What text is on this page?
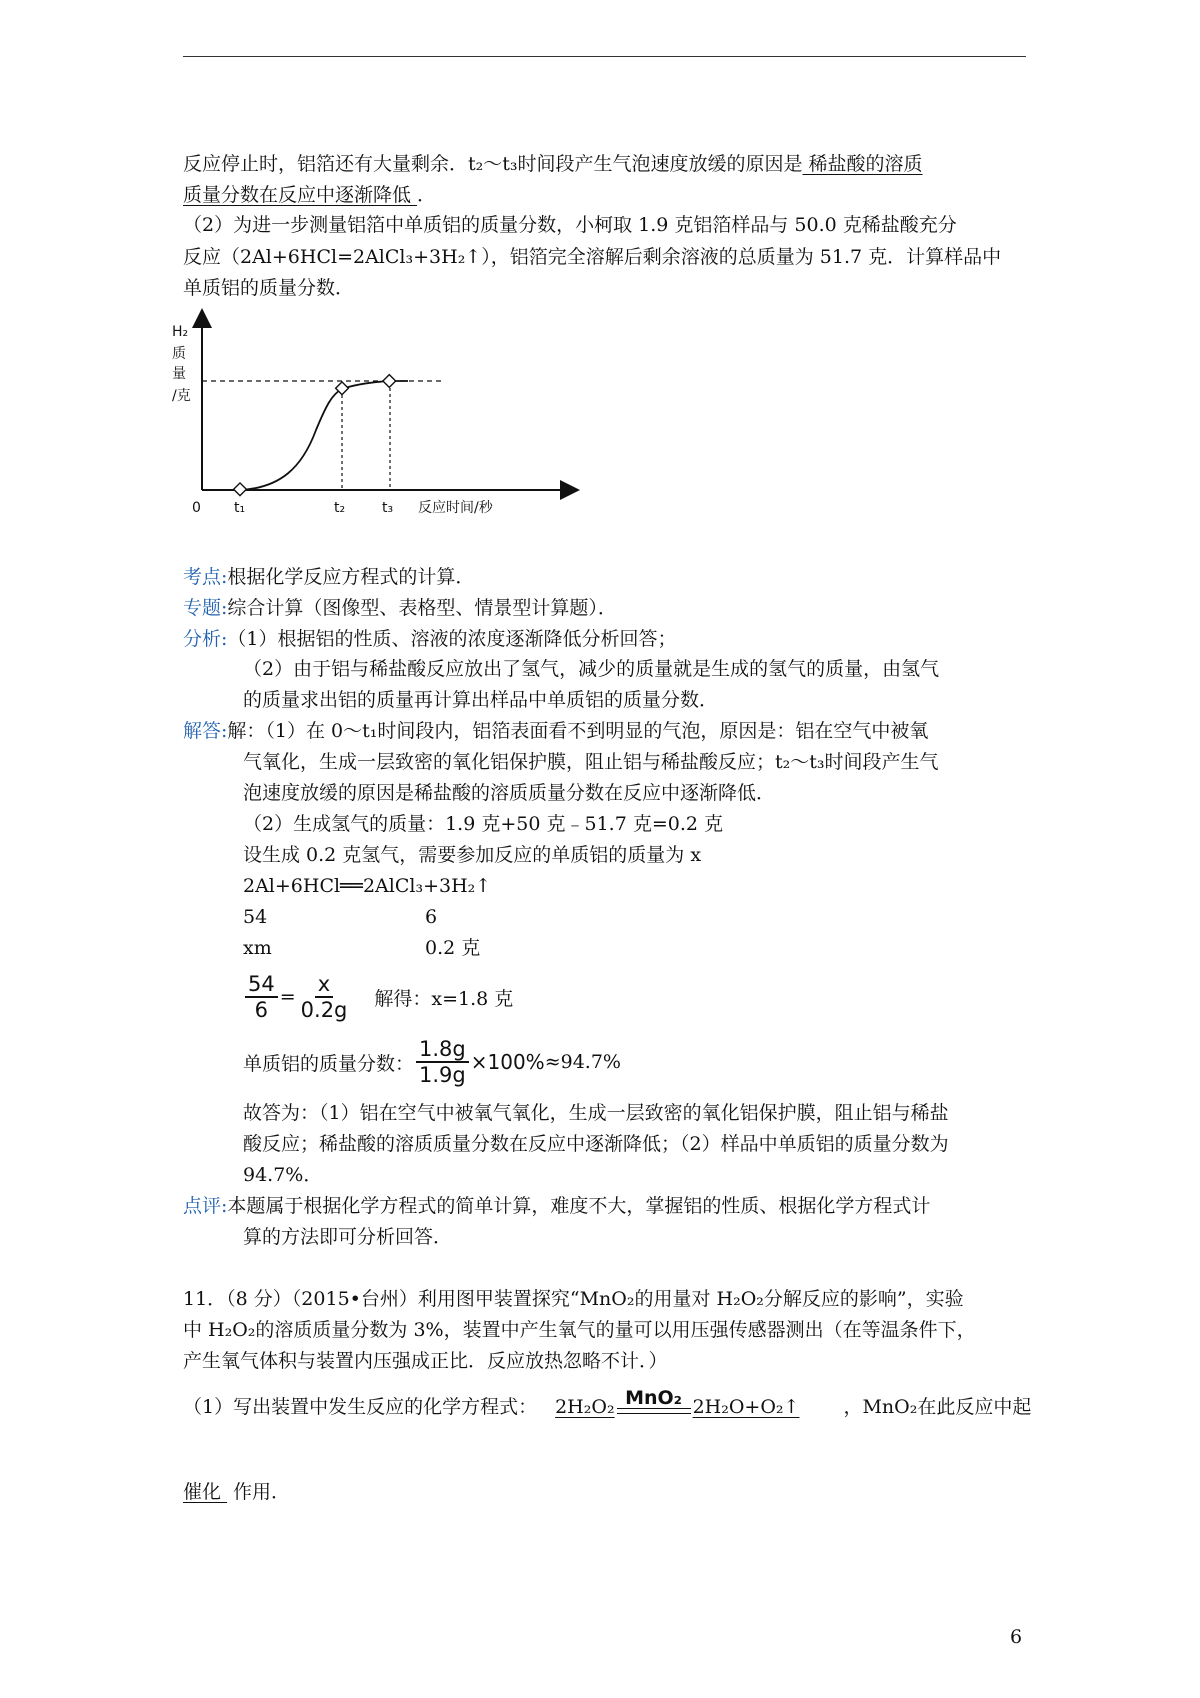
反应停止时，铝箔还有大量剩余．t₂～t₃时间段产生气泡速度放缓的原因是 稀盐酸的溶质
质量分数在反应中逐渐降低 ．
（2）为进一步测量铝箔中单质铝的质量分数，小柯取 1.9 克铝箔样品与 50.0 克稀盐酸充分
反应（2Al+6HCl=2AlCl₃+3H₂↑），铝箔完全溶解后剩余溶液的总质量为 51.7 克．计算样品中
单质铝的质量分数．
H₂
质
量
/克
0 t₁	t₂	t₃ 反应时间/秒
考点:根据化学反应方程式的计算．
专题:综合计算（图像型、表格型、情景型计算题）．
分析:（1）根据铝的性质、溶液的浓度逐渐降低分析回答；
（2）由于铝与稀盐酸反应放出了氢气，减少的质量就是生成的氢气的质量，由氢气
的质量求出铝的质量再计算出样品中单质铝的质量分数．
解答:解：（1）在 0～t₁时间段内，铝箔表面看不到明显的气泡，原因是：铝在空气中被氧
气氧化，生成一层致密的氧化铝保护膜，阻止铝与稀盐酸反应；t₂～t₃时间段产生气
泡速度放缓的原因是稀盐酸的溶质质量分数在反应中逐渐降低．
（2）生成氢气的质量：1.9 克+50 克﹣51.7 克=0.2 克
设生成 0.2 克氢气，需要参加反应的单质铝的质量为 x
2Al+6HCl══2AlCl₃+3H₂↑
54	6
xm	0.2 克
$\frac{54}{6} = \frac{x}{0.2g}$ 解得：x=1.8 克
单质铝的质量分数： $\frac{1.8g}{1.9g} \times 100\% \approx 94.7\%$
故答为：（1）铝在空气中被氧气氧化，生成一层致密的氧化铝保护膜，阻止铝与稀盐
酸反应；稀盐酸的溶质质量分数在反应中逐渐降低；（2）样品中单质铝的质量分数为
94.7%．
点评:本题属于根据化学方程式的简单计算，难度不大，掌握铝的性质、根据化学方程式计
算的方法即可分析回答．
11．（8 分）（2015•台州）利用图甲装置探究“MnO₂的用量对 H₂O₂分解反应的影响”，实验
中 H₂O₂的溶质质量分数为 3%，装置中产生氧气的量可以用压强传感器测出（在等温条件下，
产生氧气体积与装置内压强成正比．反应放热忽略不计．）
（1）写出装置中发生反应的化学方程式： 2H₂O₂ MnO₂ 2H₂O+O₂↑ ，MnO₂在此反应中起
催化 作用．
6
